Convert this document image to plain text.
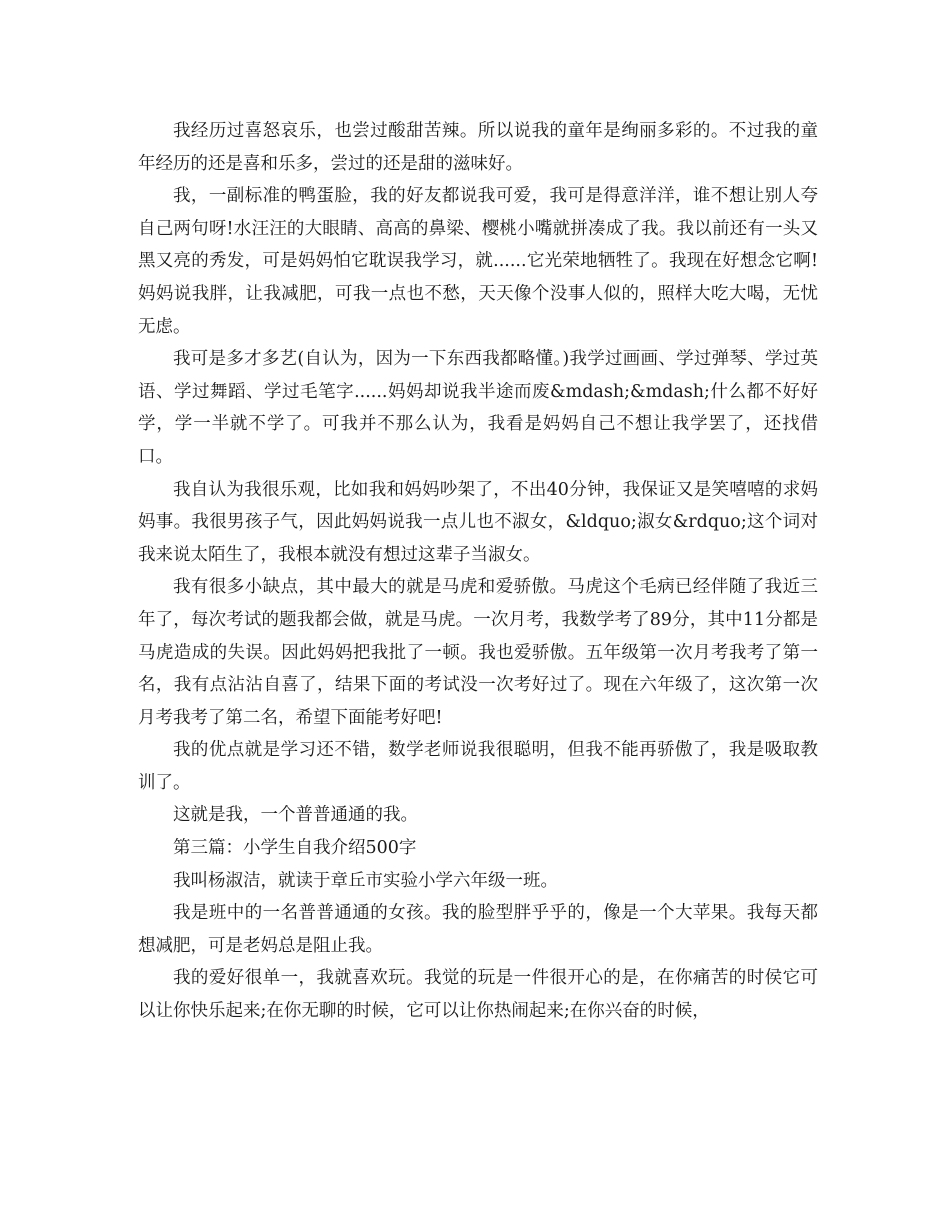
我经历过喜怒哀乐，也尝过酸甜苦辣。所以说我的童年是绚丽多彩的。不过我的童年经历的还是喜和乐多，尝过的还是甜的滋味好。

我，一副标准的鸭蛋脸，我的好友都说我可爱，我可是得意洋洋，谁不想让别人夸自己两句呀!水汪汪的大眼睛、高高的鼻梁、樱桃小嘴就拼凑成了我。我以前还有一头又黑又亮的秀发，可是妈妈怕它耽误我学习，就......它光荣地牺牲了。我现在好想念它啊!妈妈说我胖，让我减肥，可我一点也不愁，天天像个没事人似的，照样大吃大喝，无忧无虑。

我可是多才多艺(自认为，因为一下东西我都略懂。)我学过画画、学过弹琴、学过英语、学过舞蹈、学过毛笔字......妈妈却说我半途而废&mdash;&mdash;什么都不好好学，学一半就不学了。可我并不那么认为，我看是妈妈自己不想让我学罢了，还找借口。

我自认为我很乐观，比如我和妈妈吵架了，不出40分钟，我保证又是笑嘻嘻的求妈妈事。我很男孩子气，因此妈妈说我一点儿也不淑女，&ldquo;淑女&rdquo;这个词对我来说太陌生了，我根本就没有想过这辈子当淑女。

我有很多小缺点，其中最大的就是马虎和爱骄傲。马虎这个毛病已经伴随了我近三年了，每次考试的题我都会做，就是马虎。一次月考，我数学考了89分，其中11分都是马虎造成的失误。因此妈妈把我批了一顿。我也爱骄傲。五年级第一次月考我考了第一名，我有点沾沾自喜了，结果下面的考试没一次考好过了。现在六年级了，这次第一次月考我考了第二名，希望下面能考好吧!

我的优点就是学习还不错，数学老师说我很聪明，但我不能再骄傲了，我是吸取教训了。

这就是我，一个普普通通的我。

第三篇：小学生自我介绍500字

我叫杨淑洁，就读于章丘市实验小学六年级一班。

我是班中的一名普普通通的女孩。我的脸型胖乎乎的，像是一个大苹果。我每天都想减肥，可是老妈总是阻止我。

我的爱好很单一，我就喜欢玩。我觉的玩是一件很开心的是，在你痛苦的时侯它可以让你快乐起来;在你无聊的时候，它可以让你热闹起来;在你兴奋的时候，
